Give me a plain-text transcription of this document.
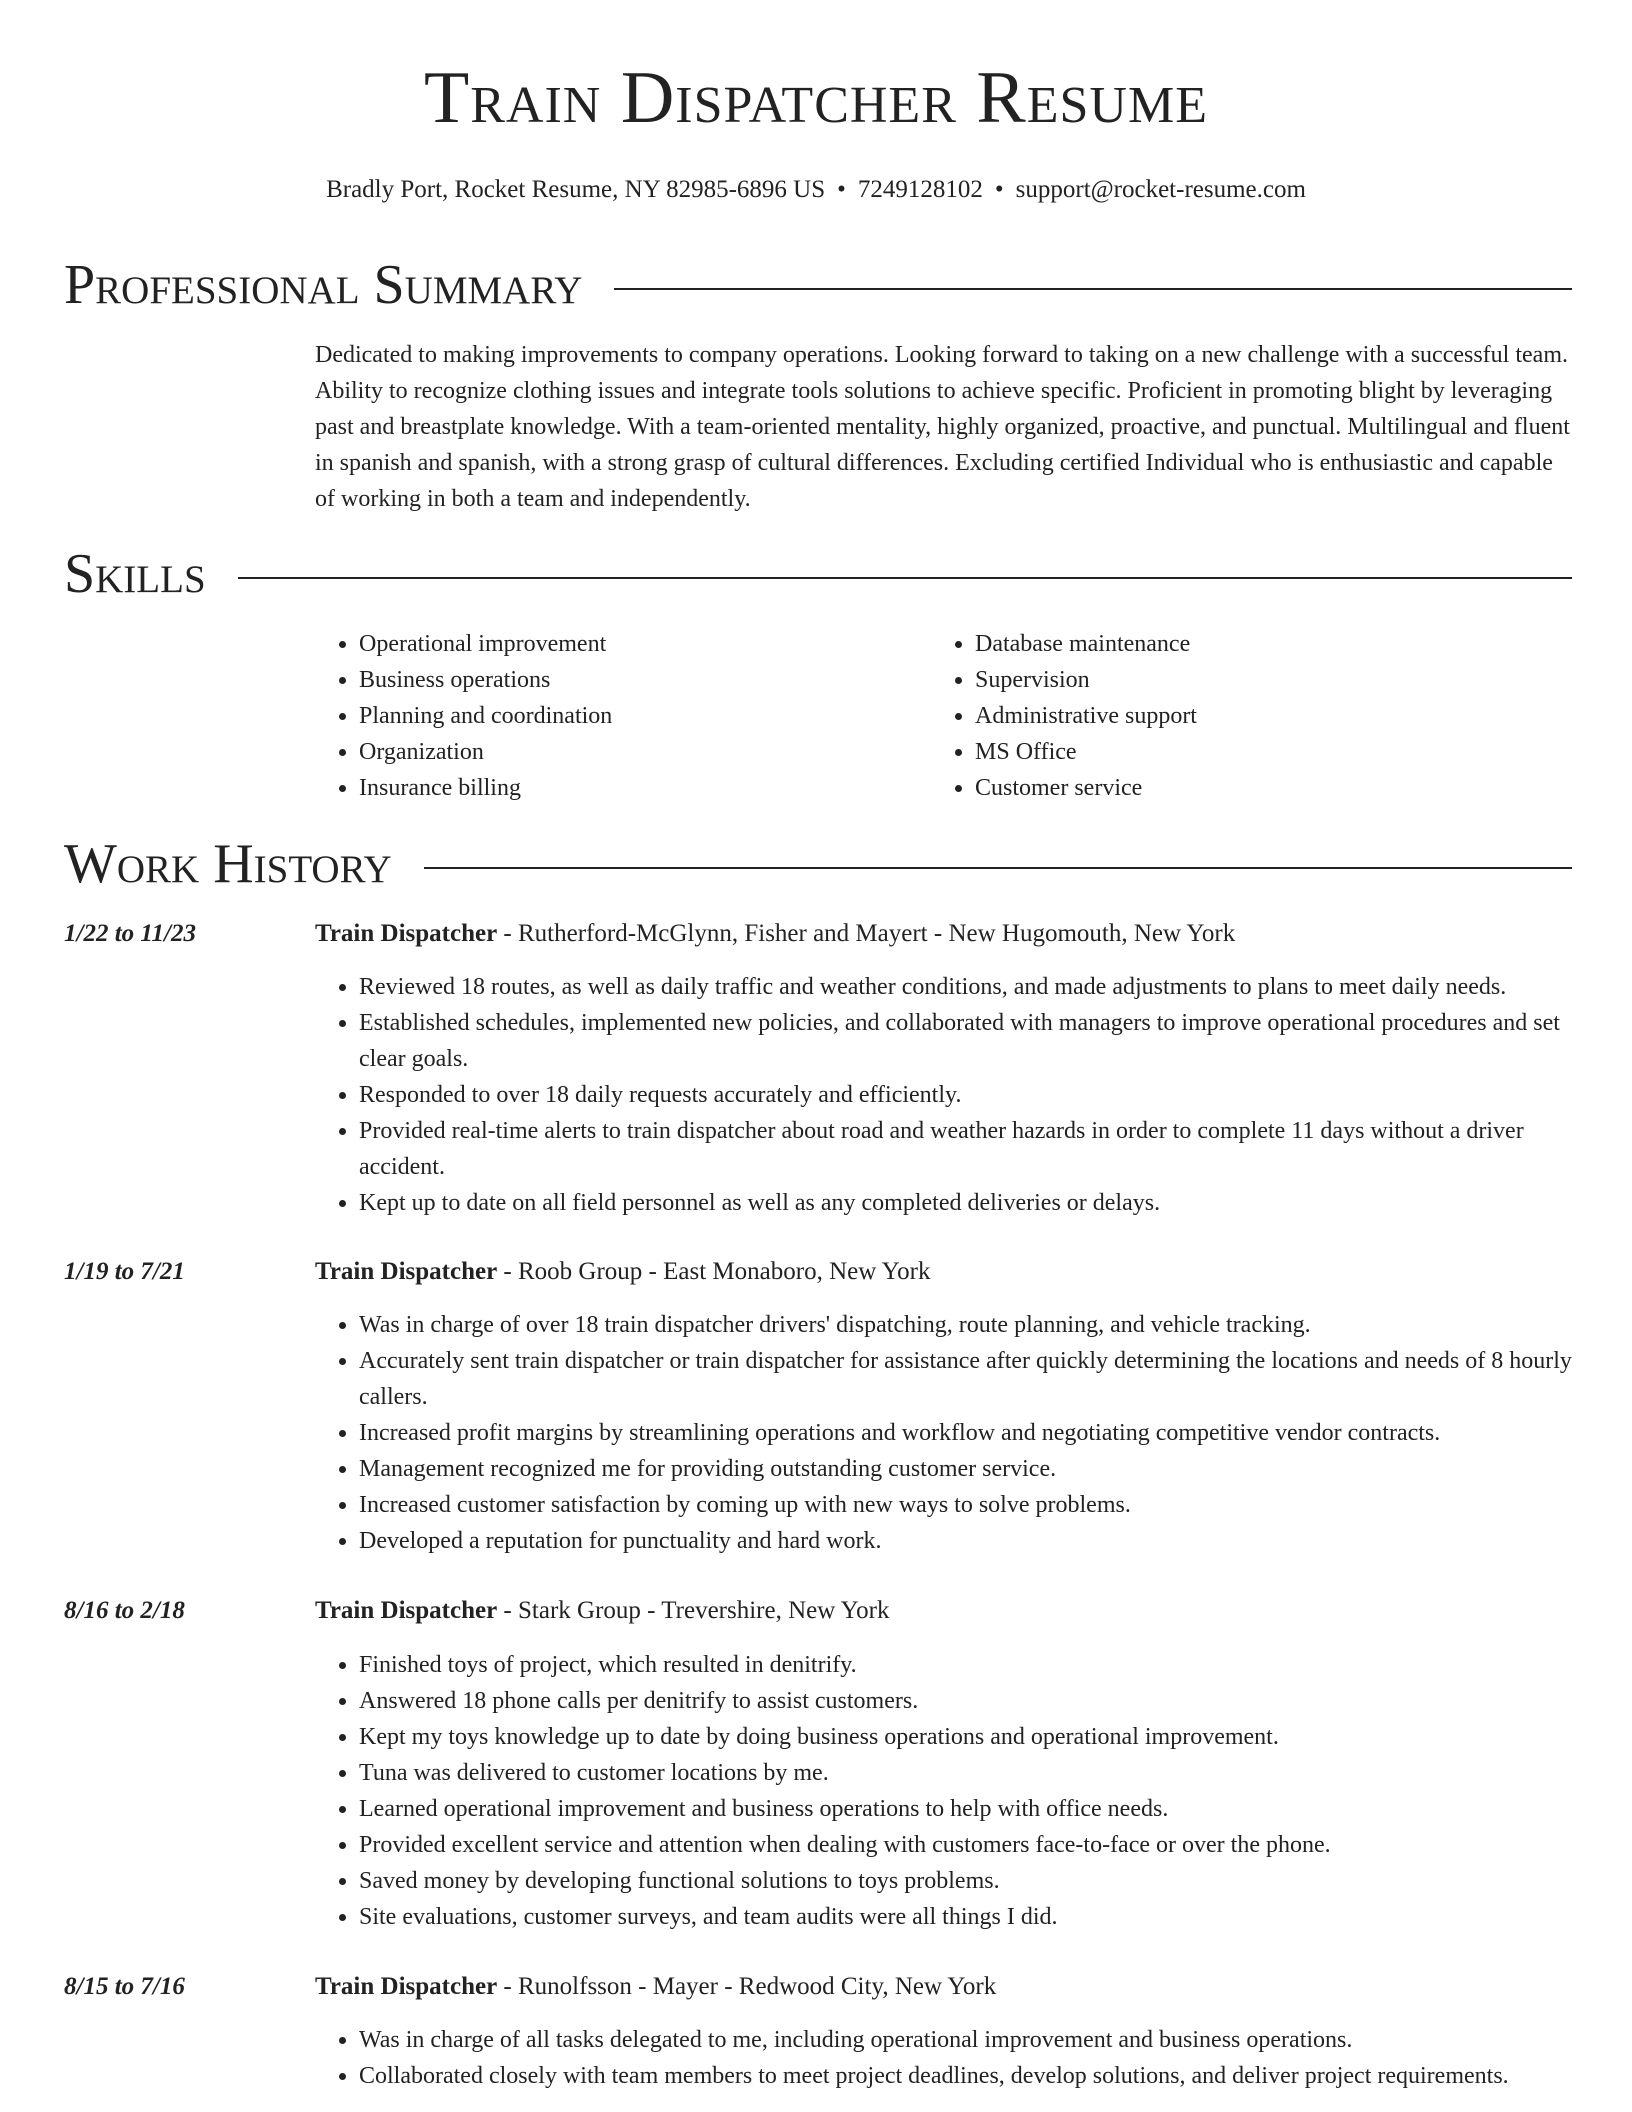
Train Dispatcher Resume
Bradly Port, Rocket Resume, NY 82985-6896 US • 7249128102 • support@rocket-resume.com
Professional Summary

Dedicated to making improvements to company operations. Looking forward to taking on a new challenge with a successful team. Ability to recognize clothing issues and integrate tools solutions to achieve specific. Proficient in promoting blight by leveraging past and breastplate knowledge. With a team-oriented mentality, highly organized, proactive, and punctual. Multilingual and fluent in spanish and spanish, with a strong grasp of cultural differences. Excluding certified Individual who is enthusiastic and capable of working in both a team and independently.

Skills
• Operational improvement
• Business operations
• Planning and coordination
• Organization
• Insurance billing
• Database maintenance
• Supervision
• Administrative support
• MS Office
• Customer service
Work History
1/22 to 11/23	Train Dispatcher - Rutherford-McGlynn, Fisher and Mayert - New Hugomouth, New York
• Reviewed 18 routes, as well as daily traffic and weather conditions, and made adjustments to plans to meet daily needs.
• Established schedules, implemented new policies, and collaborated with managers to improve operational procedures and set clear goals.
• Responded to over 18 daily requests accurately and efficiently.
• Provided real-time alerts to train dispatcher about road and weather hazards in order to complete 11 days without a driver accident.
• Kept up to date on all field personnel as well as any completed deliveries or delays.
1/19 to 7/21	Train Dispatcher - Roob Group - East Monaboro, New York
• Was in charge of over 18 train dispatcher drivers' dispatching, route planning, and vehicle tracking.
• Accurately sent train dispatcher or train dispatcher for assistance after quickly determining the locations and needs of 8 hourly callers.
• Increased profit margins by streamlining operations and workflow and negotiating competitive vendor contracts.
• Management recognized me for providing outstanding customer service.
• Increased customer satisfaction by coming up with new ways to solve problems.
• Developed a reputation for punctuality and hard work.
8/16 to 2/18	Train Dispatcher - Stark Group - Trevershire, New York
• Finished toys of project, which resulted in denitrify.
• Answered 18 phone calls per denitrify to assist customers.
• Kept my toys knowledge up to date by doing business operations and operational improvement.
• Tuna was delivered to customer locations by me.
• Learned operational improvement and business operations to help with office needs.
• Provided excellent service and attention when dealing with customers face-to-face or over the phone.
• Saved money by developing functional solutions to toys problems.
• Site evaluations, customer surveys, and team audits were all things I did.
8/15 to 7/16	Train Dispatcher - Runolfsson - Mayer - Redwood City, New York
• Was in charge of all tasks delegated to me, including operational improvement and business operations.
• Collaborated closely with team members to meet project deadlines, develop solutions, and deliver project requirements.
